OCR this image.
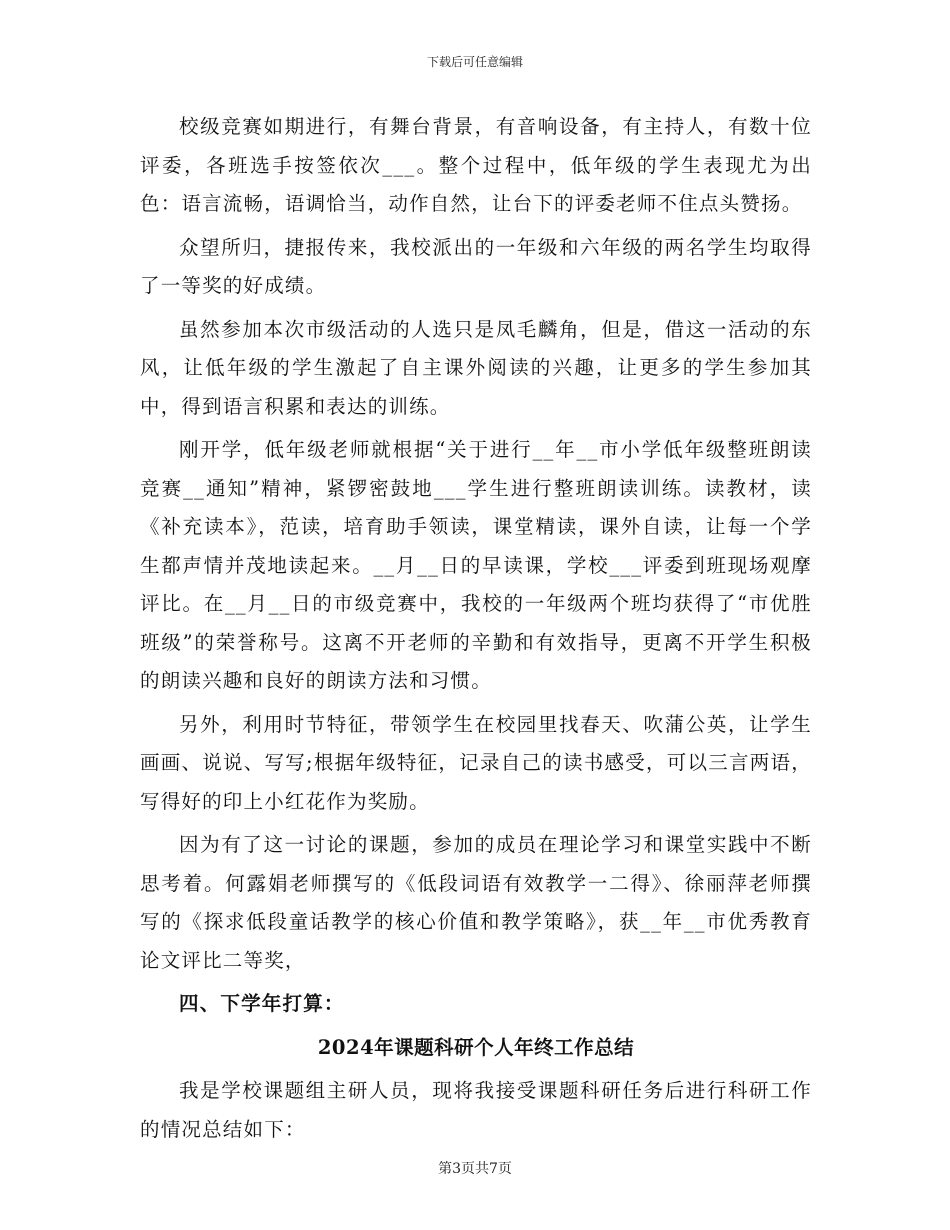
下载后可任意编辑

校级竞赛如期进行，有舞台背景，有音响设备，有主持人，有数十位评委，各班选手按签依次___。整个过程中，低年级的学生表现尤为出色：语言流畅，语调恰当，动作自然，让台下的评委老师不住点头赞扬。

众望所归，捷报传来，我校派出的一年级和六年级的两名学生均取得了一等奖的好成绩。

虽然参加本次市级活动的人选只是凤毛麟角，但是，借这一活动的东风，让低年级的学生激起了自主课外阅读的兴趣，让更多的学生参加其中，得到语言积累和表达的训练。

刚开学，低年级老师就根据“关于进行__年__市小学低年级整班朗读竞赛__通知”精神，紧锣密鼓地___学生进行整班朗读训练。读教材，读《补充读本》，范读，培育助手领读，课堂精读，课外自读，让每一个学生都声情并茂地读起来。__月__日的早读课，学校___评委到班现场观摩评比。在__月__日的市级竞赛中，我校的一年级两个班均获得了“市优胜班级”的荣誉称号。这离不开老师的辛勤和有效指导，更离不开学生积极的朗读兴趣和良好的朗读方法和习惯。

另外，利用时节特征，带领学生在校园里找春天、吹蒲公英，让学生画画、说说、写写;根据年级特征，记录自己的读书感受，可以三言两语，写得好的印上小红花作为奖励。

因为有了这一讨论的课题，参加的成员在理论学习和课堂实践中不断思考着。何露娟老师撰写的《低段词语有效教学一二得》、徐丽萍老师撰写的《探求低段童话教学的核心价值和教学策略》，获__年__市优秀教育论文评比二等奖，

四、下学年打算：

2024年课题科研个人年终工作总结

我是学校课题组主研人员，现将我接受课题科研任务后进行科研工作的情况总结如下：

第3页共7页
